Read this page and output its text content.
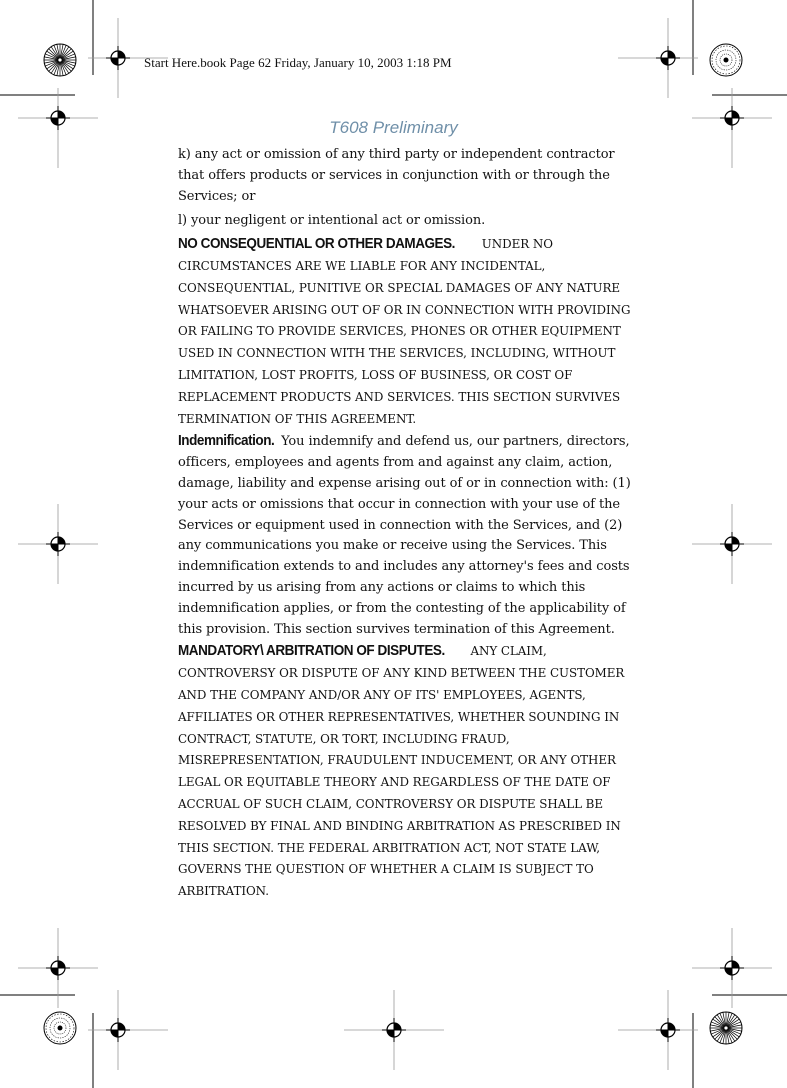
Start Here.book Page 62 Friday, January 10, 2003 1:18 PM
T608 Preliminary

k) any act or omission of any third party or independent contractor that offers products or services in conjunction with or through the Services; or

l) your negligent or intentional act or omission.

NO CONSEQUENTIAL OR OTHER DAMAGES. UNDER NO CIRCUMSTANCES ARE WE LIABLE FOR ANY INCIDENTAL, CONSEQUENTIAL, PUNITIVE OR SPECIAL DAMAGES OF ANY NATURE WHATSOEVER ARISING OUT OF OR IN CONNECTION WITH PROVIDING OR FAILING TO PROVIDE SERVICES, PHONES OR OTHER EQUIPMENT USED IN CONNECTION WITH THE SERVICES, INCLUDING, WITHOUT LIMITATION, LOST PROFITS, LOSS OF BUSINESS, OR COST OF REPLACEMENT PRODUCTS AND SERVICES. THIS SECTION SURVIVES TERMINATION OF THIS AGREEMENT.

Indemnification. You indemnify and defend us, our partners, directors, officers, employees and agents from and against any claim, action, damage, liability and expense arising out of or in connection with: (1) your acts or omissions that occur in connection with your use of the Services or equipment used in connection with the Services, and (2) any communications you make or receive using the Services. This indemnification extends to and includes any attorney's fees and costs incurred by us arising from any actions or claims to which this indemnification applies, or from the contesting of the applicability of this provision. This section survives termination of this Agreement.

MANDATORY\ ARBITRATION OF DISPUTES. ANY CLAIM, CONTROVERSY OR DISPUTE OF ANY KIND BETWEEN THE CUSTOMER AND THE COMPANY AND/OR ANY OF ITS' EMPLOYEES, AGENTS, AFFILIATES OR OTHER REPRESENTATIVES, WHETHER SOUNDING IN CONTRACT, STATUTE, OR TORT, INCLUDING FRAUD, MISREPRESENTATION, FRAUDULENT INDUCEMENT, OR ANY OTHER LEGAL OR EQUITABLE THEORY AND REGARDLESS OF THE DATE OF ACCRUAL OF SUCH CLAIM, CONTROVERSY OR DISPUTE SHALL BE RESOLVED BY FINAL AND BINDING ARBITRATION AS PRESCRIBED IN THIS SECTION. THE FEDERAL ARBITRATION ACT, NOT STATE LAW, GOVERNS THE QUESTION OF WHETHER A CLAIM IS SUBJECT TO ARBITRATION.
